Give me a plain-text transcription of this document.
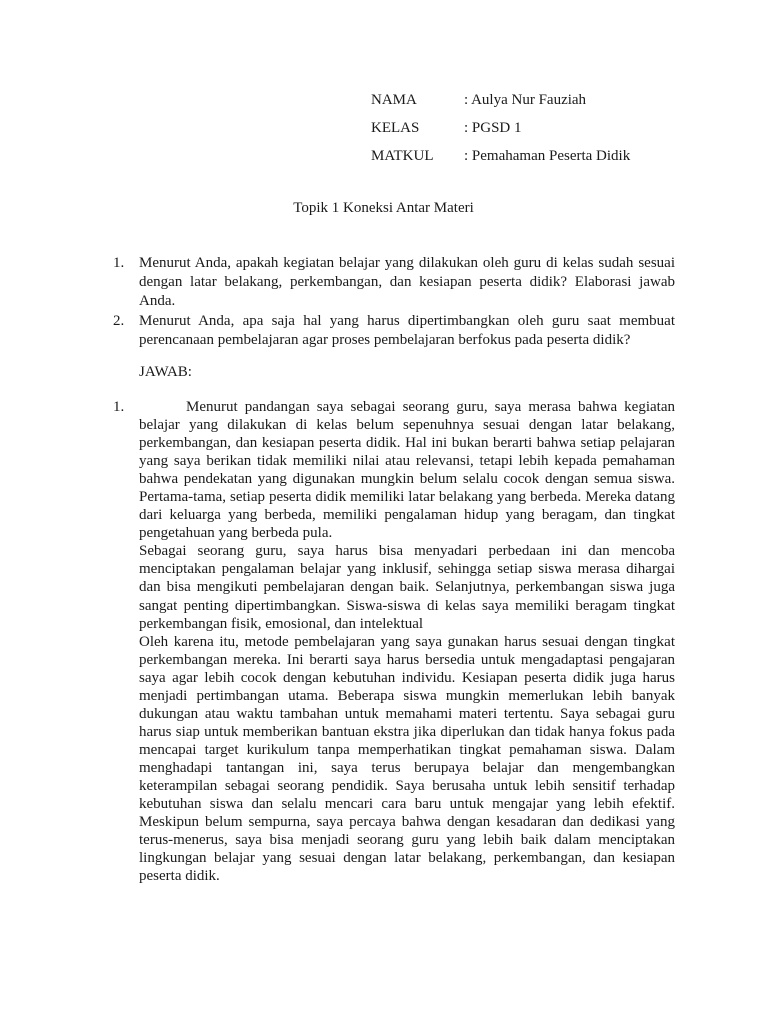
NAMA	: Aulya Nur Fauziah
KELAS	: PGSD 1
MATKUL	: Pemahaman Peserta Didik
Topik 1 Koneksi Antar Materi
1. Menurut Anda, apakah kegiatan belajar yang dilakukan oleh guru di kelas sudah sesuai dengan latar belakang, perkembangan, dan kesiapan peserta didik? Elaborasi jawab Anda.
2. Menurut Anda, apa saja hal yang harus dipertimbangkan oleh guru saat membuat perencanaan pembelajaran agar proses pembelajaran berfokus pada peserta didik?
JAWAB:
1.	Menurut pandangan saya sebagai seorang guru, saya merasa bahwa kegiatan belajar yang dilakukan di kelas belum sepenuhnya sesuai dengan latar belakang, perkembangan, dan kesiapan peserta didik. Hal ini bukan berarti bahwa setiap pelajaran yang saya berikan tidak memiliki nilai atau relevansi, tetapi lebih kepada pemahaman bahwa pendekatan yang digunakan mungkin belum selalu cocok dengan semua siswa. Pertama-tama, setiap peserta didik memiliki latar belakang yang berbeda. Mereka datang dari keluarga yang berbeda, memiliki pengalaman hidup yang beragam, dan tingkat pengetahuan yang berbeda pula.

Sebagai seorang guru, saya harus bisa menyadari perbedaan ini dan mencoba menciptakan pengalaman belajar yang inklusif, sehingga setiap siswa merasa dihargai dan bisa mengikuti pembelajaran dengan baik. Selanjutnya, perkembangan siswa juga sangat penting dipertimbangkan. Siswa-siswa di kelas saya memiliki beragam tingkat perkembangan fisik, emosional, dan intelektual

Oleh karena itu, metode pembelajaran yang saya gunakan harus sesuai dengan tingkat perkembangan mereka. Ini berarti saya harus bersedia untuk mengadaptasi pengajaran saya agar lebih cocok dengan kebutuhan individu. Kesiapan peserta didik juga harus menjadi pertimbangan utama. Beberapa siswa mungkin memerlukan lebih banyak dukungan atau waktu tambahan untuk memahami materi tertentu. Saya sebagai guru harus siap untuk memberikan bantuan ekstra jika diperlukan dan tidak hanya fokus pada mencapai target kurikulum tanpa memperhatikan tingkat pemahaman siswa. Dalam menghadapi tantangan ini, saya terus berupaya belajar dan mengembangkan keterampilan sebagai seorang pendidik. Saya berusaha untuk lebih sensitif terhadap kebutuhan siswa dan selalu mencari cara baru untuk mengajar yang lebih efektif. Meskipun belum sempurna, saya percaya bahwa dengan kesadaran dan dedikasi yang terus-menerus, saya bisa menjadi seorang guru yang lebih baik dalam menciptakan lingkungan belajar yang sesuai dengan latar belakang, perkembangan, dan kesiapan peserta didik.
